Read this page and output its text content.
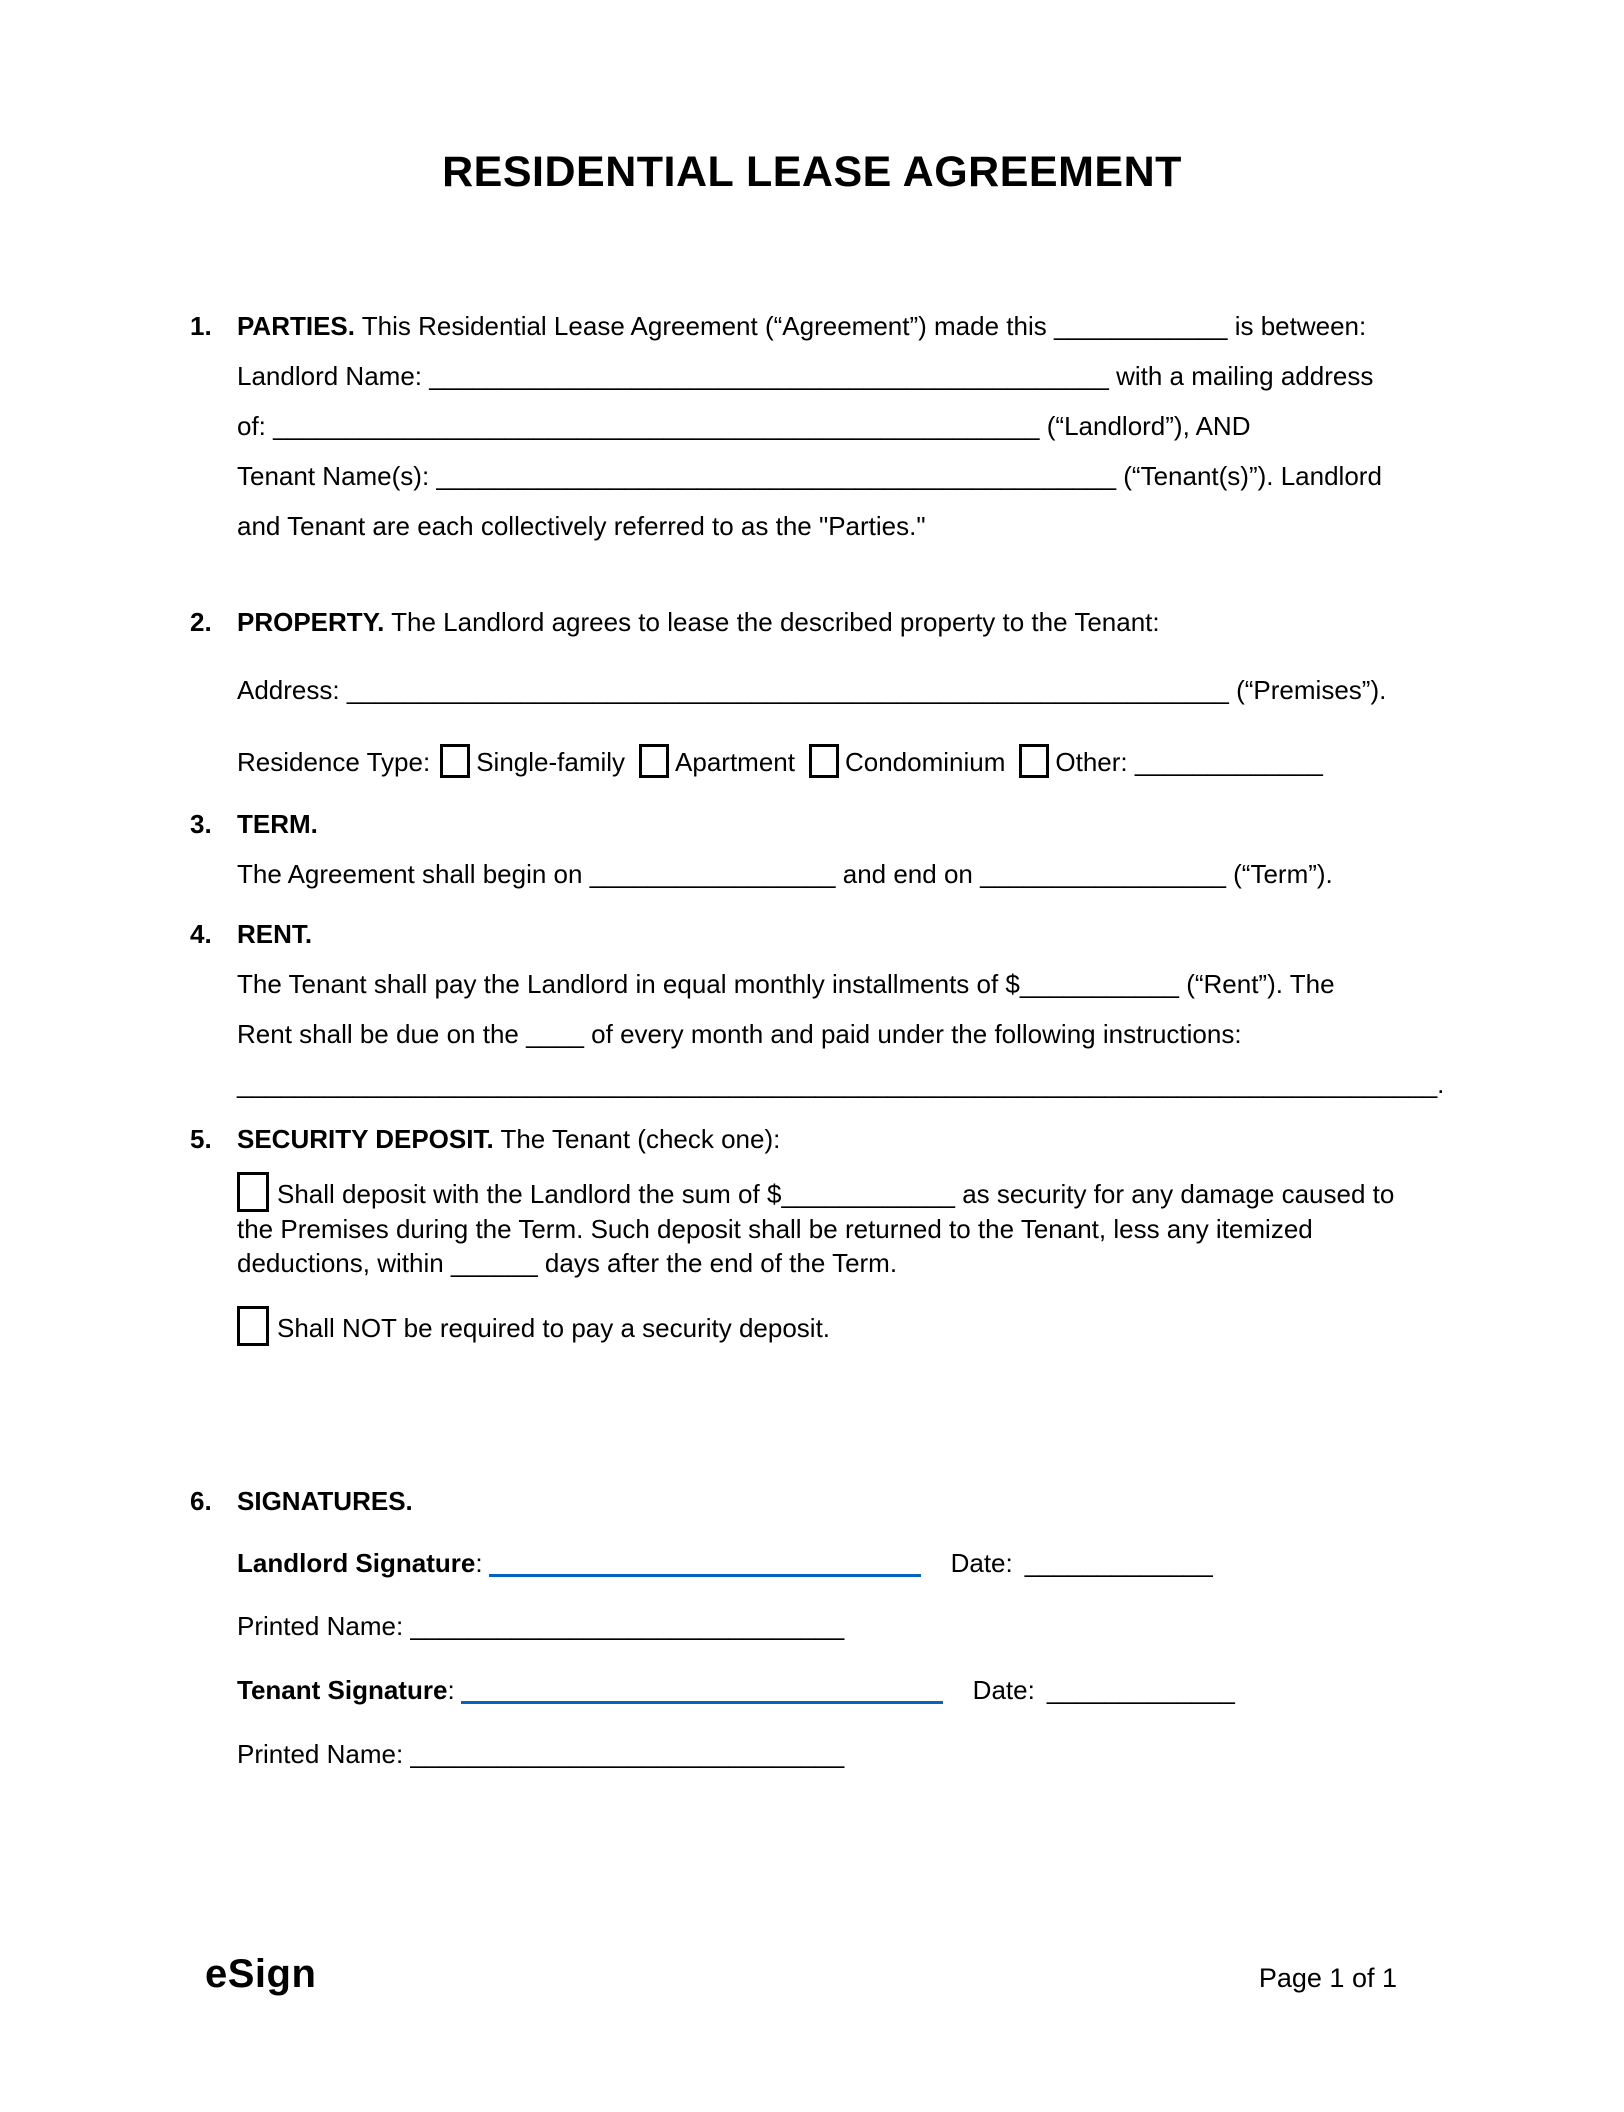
RESIDENTIAL LEASE AGREEMENT
1. PARTIES. This Residential Lease Agreement (“Agreement”) made this ____________ is between:
Landlord Name: _______________________________________________ with a mailing address
of: _____________________________________________________ (“Landlord”), AND
Tenant Name(s): _______________________________________________ (“Tenant(s)”). Landlord
and Tenant are each collectively referred to as the "Parties."
2. PROPERTY. The Landlord agrees to lease the described property to the Tenant:
Address: _____________________________________________________________ (“Premises”).
Residence Type: Single-family Apartment Condominium Other: _____________
3. TERM.
The Agreement shall begin on _________________ and end on _________________ (“Term”).
4. RENT.
The Tenant shall pay the Landlord in equal monthly installments of $___________ (“Rent”). The
Rent shall be due on the ____ of every month and paid under the following instructions:
___________________________________________________________________________________.
5. SECURITY DEPOSIT. The Tenant (check one):

Shall deposit with the Landlord the sum of $____________ as security for any damage caused to the Premises during the Term. Such deposit shall be returned to the Tenant, less any itemized deductions, within ______ days after the end of the Term.

Shall NOT be required to pay a security deposit.

6. SIGNATURES.
Landlord Signature:	Date: _____________
Printed Name: ______________________________
Tenant Signature:	Date: _____________
Printed Name: ______________________________
eSign	Page 1 of 1
